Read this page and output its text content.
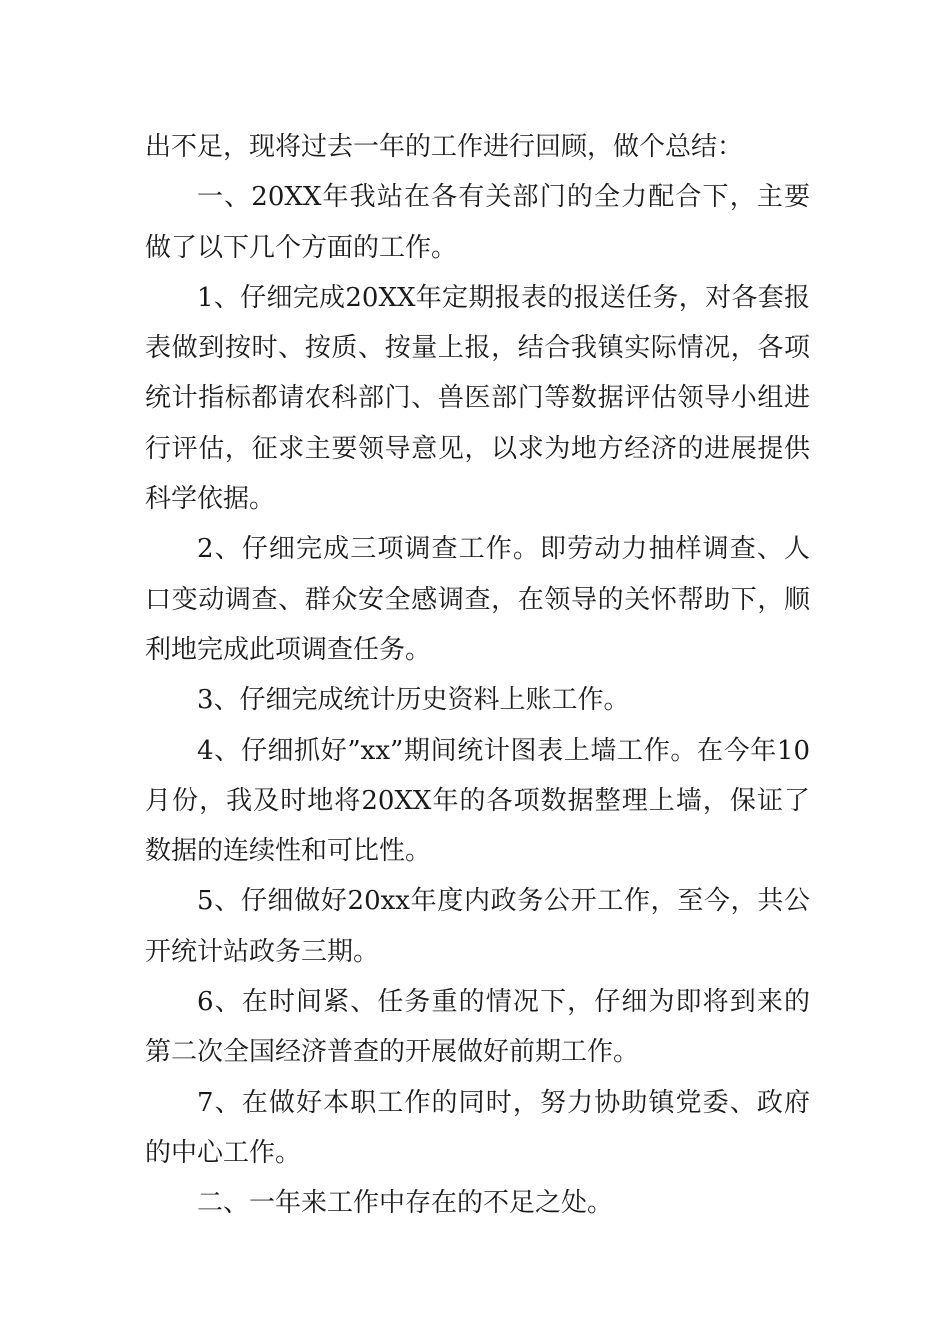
出不足，现将过去一年的工作进行回顾，做个总结：

一、20XX年我站在各有关部门的全力配合下，主要做了以下几个方面的工作。

1、仔细完成20XX年定期报表的报送任务，对各套报表做到按时、按质、按量上报，结合我镇实际情况，各项统计指标都请农科部门、兽医部门等数据评估领导小组进行评估，征求主要领导意见，以求为地方经济的进展提供科学依据。

2、仔细完成三项调查工作。即劳动力抽样调查、人口变动调查、群众安全感调查，在领导的关怀帮助下，顺利地完成此项调查任务。

3、仔细完成统计历史资料上账工作。

4、仔细抓好”xx”期间统计图表上墙工作。在今年10月份，我及时地将20XX年的各项数据整理上墙，保证了数据的连续性和可比性。

5、仔细做好20xx年度内政务公开工作，至今，共公开统计站政务三期。

6、在时间紧、任务重的情况下，仔细为即将到来的第二次全国经济普查的开展做好前期工作。

7、在做好本职工作的同时，努力协助镇党委、政府的中心工作。

二、一年来工作中存在的不足之处。
